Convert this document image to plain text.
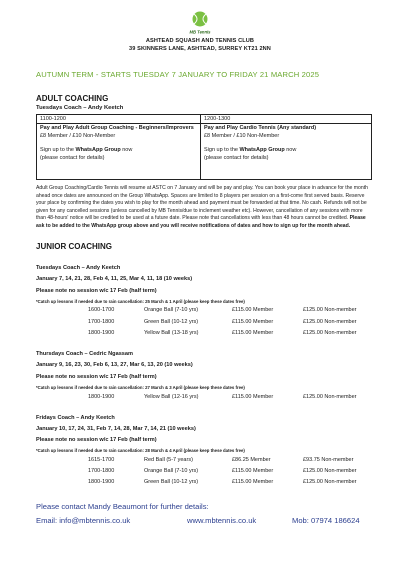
MB Tennis
ASHTEAD SQUASH AND TENNIS CLUB
39 SKINNERS LANE, ASHTEAD, SURREY KT21 2NN
AUTUMN TERM - STARTS TUESDAY 7 JANUARY TO FRIDAY 21 MARCH 2025
ADULT COACHING
Tuesdays Coach – Andy Keetch
1100-1200
Pay and Play Adult Group Coaching - Beginners/Improvers
£8 Member / £10 Non-Member
Sign up to the WhatsApp Group now
(please contact for details)
1200-1300
Pay and Play Cardio Tennis (Any standard)
£8 Member / £10 Non-Member
Sign up to the WhatsApp Group now
(please contact for details)
Adult Group Coaching/Cardio Tennis will resume at ASTC on 7 January and will be pay and play. You can book your place in advance for the month ahead once dates are announced on the Group WhatsApp. Spaces are limited to 8 players per session on a first-come first served basis. Reserve your place by confirming the dates you wish to play for the month ahead and payment must be forwarded at that time. No cash. Refunds will not be given for any cancelled sessions (unless cancelled by MB Tennis/due to inclement weather etc). However, cancellation of any sessions with more than 48-hours' notice will be credited to be used at a future date. Please note that cancellations with less than 48 hours cannot be credited. Please ask to be added to the WhatsApp group above and you will receive notifications of dates and how to sign up for the month ahead.
JUNIOR COACHING
Tuesdays Coach – Andy Keetch
January 7, 14, 21, 28, Feb 4, 11, 25, Mar 4, 11, 18 (10 weeks)
Please note no session w/c 17 Feb (half term)
*Catch up lessons if needed due to rain cancellation: 25 March & 1 April (please keep these dates free)
1600-1700	Orange Ball (7-10 yrs)	£115.00 Member	£125.00 Non-member
1700-1800	Green Ball (10-12 yrs)	£115.00 Member	£125.00 Non-member
1800-1900	Yellow Ball (13-18 yrs)	£115.00 Member	£125.00 Non-member
Thursdays Coach – Cedric Ngassam
January 9, 16, 23, 30, Feb 6, 13, 27, Mar 6, 13, 20 (10 weeks)
Please note no session w/c 17 Feb (half term)
*Catch up lessons if needed due to rain cancellation: 27 March & 3 April (please keep these dates free)
1800-1900	Yellow Ball (12-16 yrs)	£115.00 Member	£125.00 Non-member
Fridays Coach – Andy Keetch
January 10, 17, 24, 31, Feb 7, 14, 28, Mar 7, 14, 21 (10 weeks)
Please note no session w/c 17 Feb (half term)
*Catch up lessons if needed due to rain cancellation: 28 March & 4 April (please keep these dates free)
1615-1700	Red Ball (5-7 years)	£86.25 Member	£93.75 Non-member
1700-1800	Orange Ball (7-10 yrs)	£115.00 Member	£125.00 Non-member
1800-1900	Green Ball (10-12 yrs)	£115.00 Member	£125.00 Non-member
Please contact Mandy Beaumont for further details:
Email: info@mbtennis.co.uk	www.mbtennis.co.uk	Mob: 07974 186624
